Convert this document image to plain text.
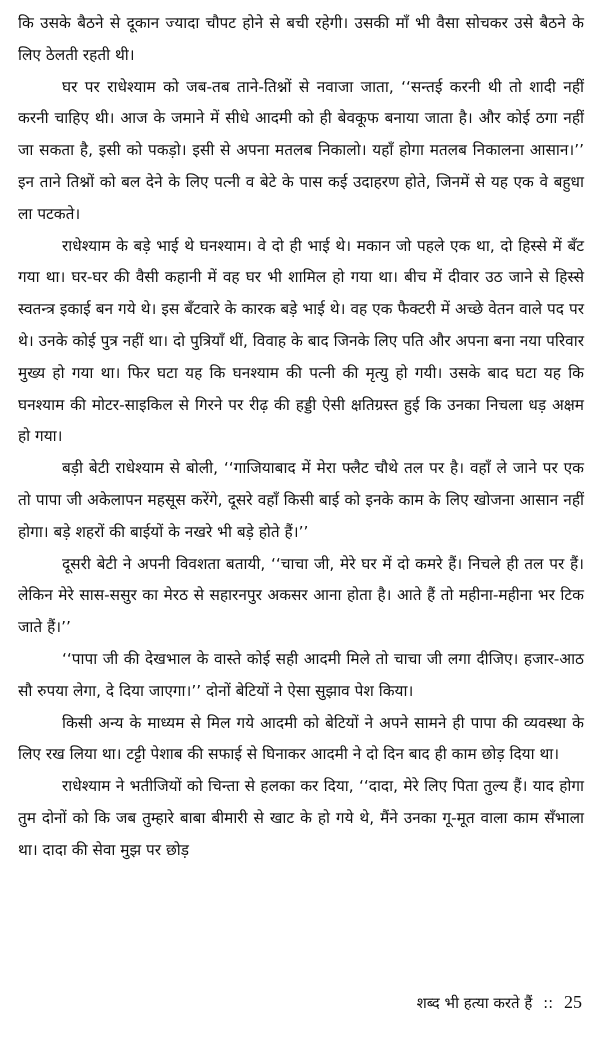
कि उसके बैठने से दूकान ज्यादा चौपट होने से बची रहेगी। उसकी माँ भी वैसा सोचकर उसे बैठने के लिए ठेलती रहती थी।

घर पर राधेश्याम को जब-तब ताने-तिश्नों से नवाजा जाता, ‘‘सन्तई करनी थी तो शादी नहीं करनी चाहिए थी। आज के जमाने में सीधे आदमी को ही बेवकूफ बनाया जाता है। और कोई ठगा नहीं जा सकता है, इसी को पकड़ो। इसी से अपना मतलब निकालो। यहाँ होगा मतलब निकालना आसान।’’ इन ताने तिश्नों को बल देने के लिए पत्नी व बेटे के पास कई उदाहरण होते, जिनमें से यह एक वे बहुधा ला पटकते।

राधेश्याम के बड़े भाई थे घनश्याम। वे दो ही भाई थे। मकान जो पहले एक था, दो हिस्से में बँट गया था। घर-घर की वैसी कहानी में वह घर भी शामिल हो गया था। बीच में दीवार उठ जाने से हिस्से स्वतन्त्र इकाई बन गये थे। इस बँटवारे के कारक बड़े भाई थे। वह एक फैक्टरी में अच्छे वेतन वाले पद पर थे। उनके कोई पुत्र नहीं था। दो पुत्रियाँ थीं, विवाह के बाद जिनके लिए पति और अपना बना नया परिवार मुख्य हो गया था। फिर घटा यह कि घनश्याम की पत्नी की मृत्यु हो गयी। उसके बाद घटा यह कि घनश्याम की मोटर-साइकिल से गिरने पर रीढ़ की हड्डी ऐसी क्षतिग्रस्त हुई कि उनका निचला धड़ अक्षम हो गया।

बड़ी बेटी राधेश्याम से बोली, ‘‘गाजियाबाद में मेरा फ्लैट चौथे तल पर है। वहाँ ले जाने पर एक तो पापा जी अकेलापन महसूस करेंगे, दूसरे वहाँ किसी बाई को इनके काम के लिए खोजना आसान नहीं होगा। बड़े शहरों की बाईयों के नखरे भी बड़े होते हैं।’’

दूसरी बेटी ने अपनी विवशता बतायी, ‘‘चाचा जी, मेरे घर में दो कमरे हैं। निचले ही तल पर हैं। लेकिन मेरे सास-ससुर का मेरठ से सहारनपुर अकसर आना होता है। आते हैं तो महीना-महीना भर टिक जाते हैं।’’

‘‘पापा जी की देखभाल के वास्ते कोई सही आदमी मिले तो चाचा जी लगा दीजिए। हजार-आठ सौ रुपया लेगा, दे दिया जाएगा।’’ दोनों बेटियों ने ऐसा सुझाव पेश किया।

किसी अन्य के माध्यम से मिल गये आदमी को बेटियों ने अपने सामने ही पापा की व्यवस्था के लिए रख लिया था। टट्टी पेशाब की सफाई से घिनाकर आदमी ने दो दिन बाद ही काम छोड़ दिया था।

राधेश्याम ने भतीजियों को चिन्ता से हलका कर दिया, ‘‘दादा, मेरे लिए पिता तुल्य हैं। याद होगा तुम दोनों को कि जब तुम्हारे बाबा बीमारी से खाट के हो गये थे, मैंने उनका गू-मूत वाला काम सँभाला था। दादा की सेवा मुझ पर छोड़

शब्द भी हत्या करते हैं :: 25
